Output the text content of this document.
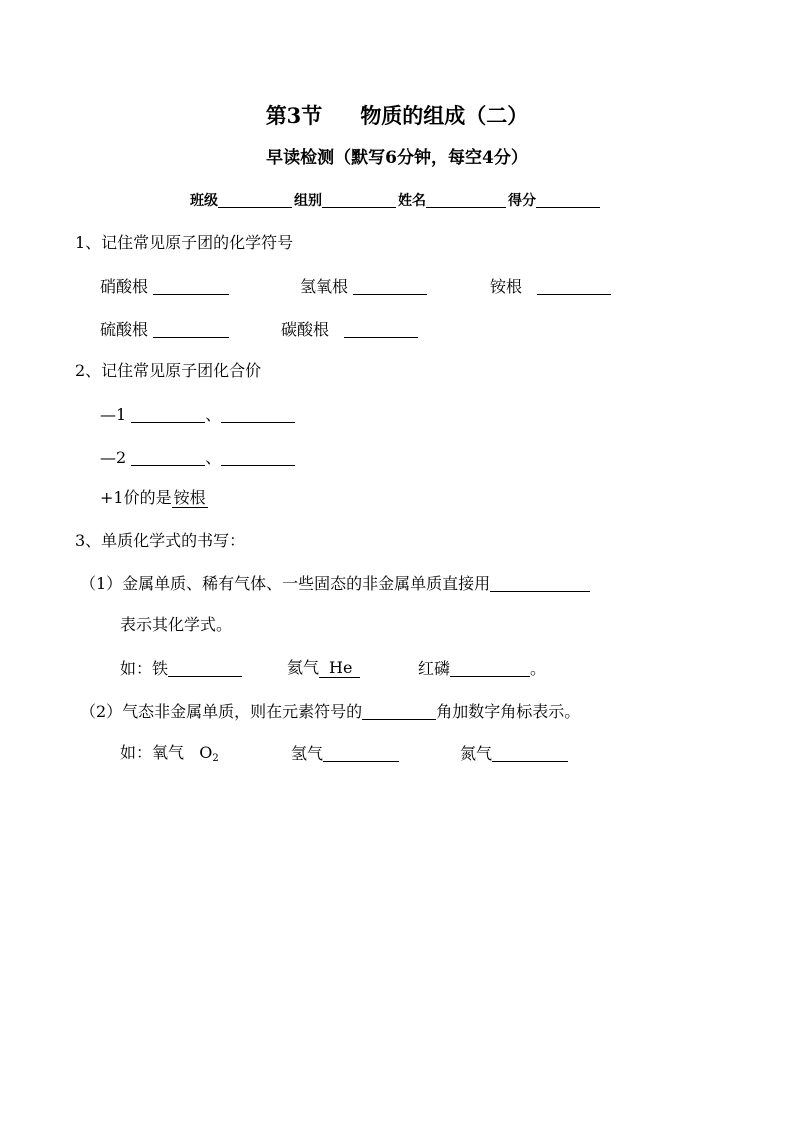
第3节 物质的组成（二）
早读检测（默写6分钟，每空4分）
班级	组别	姓名	得分
1、记住常见原子团的化学符号
硝酸根	氢氧根	铵根
硫酸根	碳酸根
2、记住常见原子团化合价
—1	、
—2	、
+1价的是 铵根
3、单质化学式的书写：
（1）金属单质、稀有气体、一些固态的非金属单质直接用
表示其化学式。
如：铁	氦气 He	红磷	。
（2）气态非金属单质，则在元素符号的	角加数字角标表示。
如：氧气 $O_2$	氢气	氮气
